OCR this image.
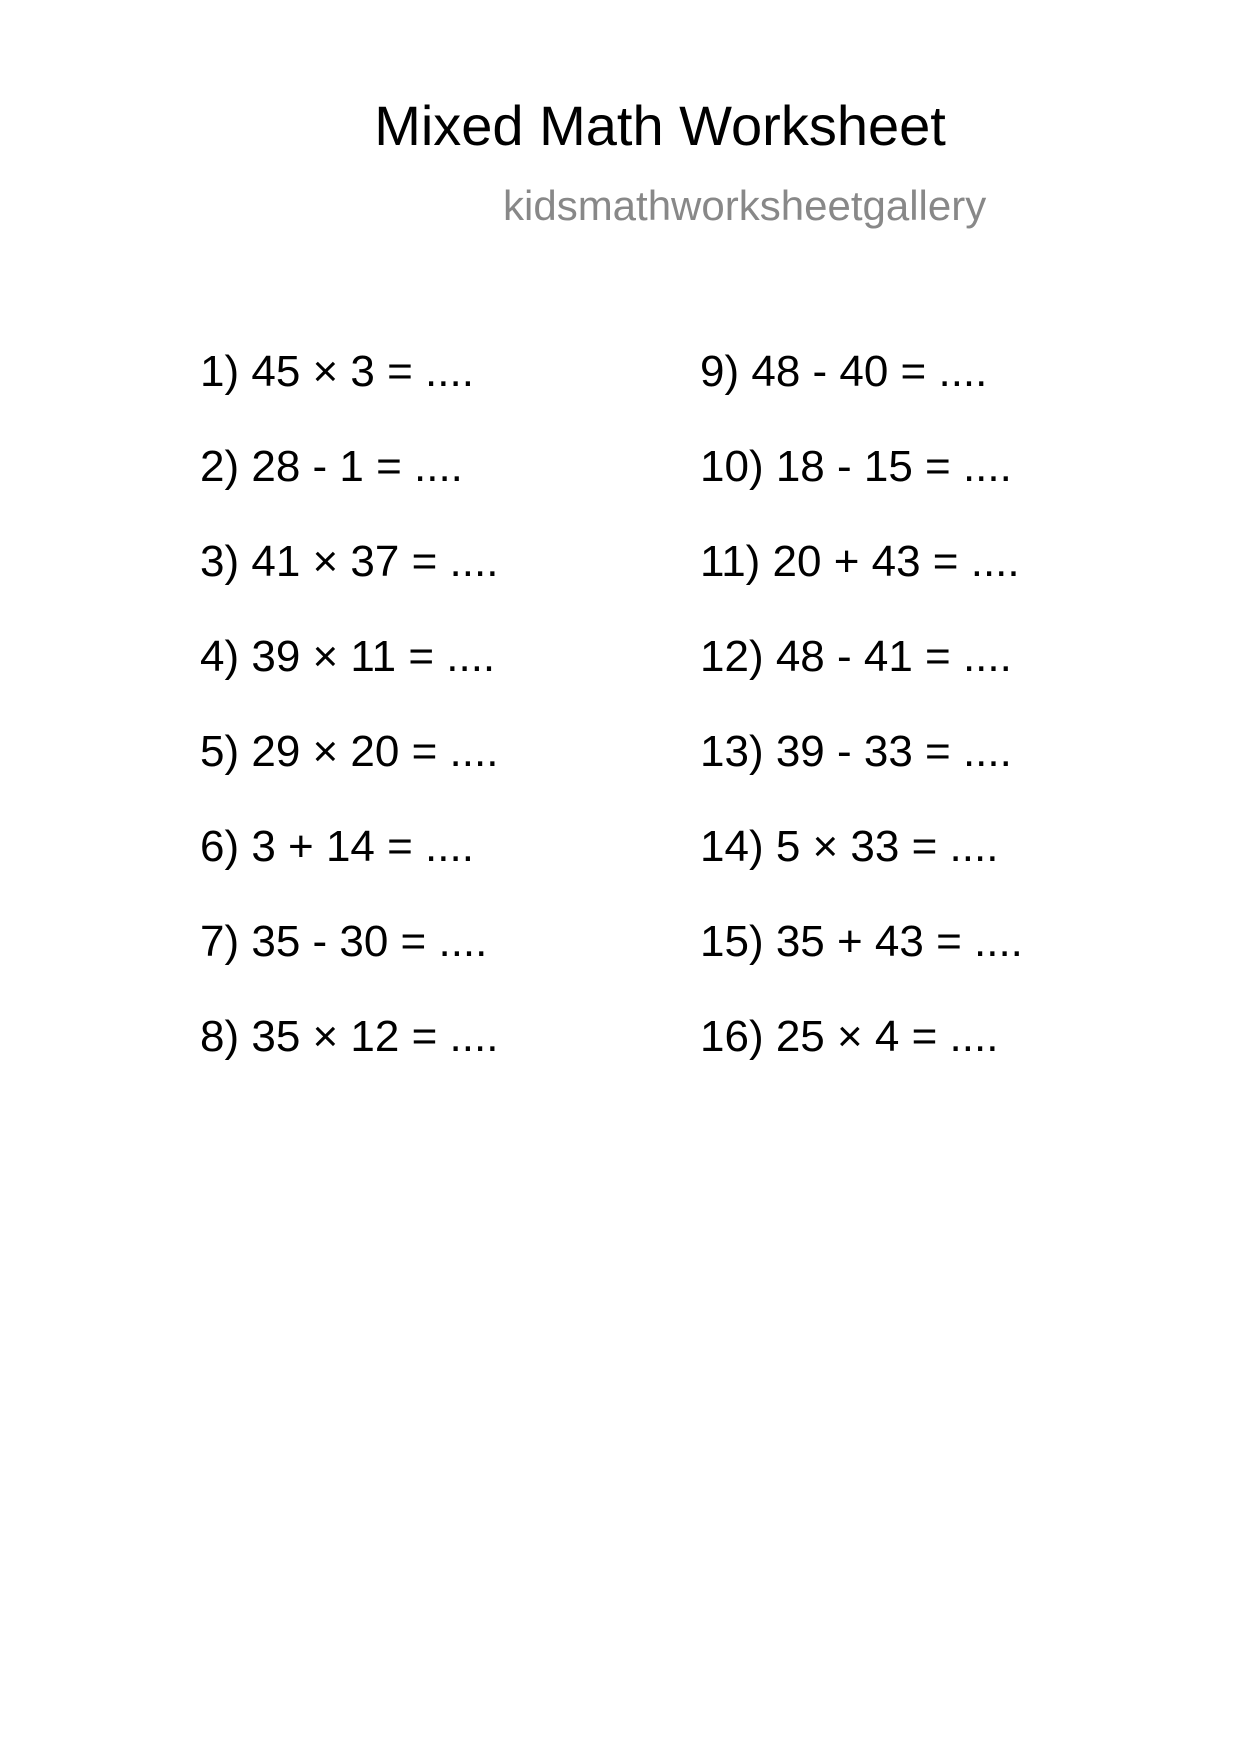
Mixed Math Worksheet
kidsmathworksheetgallery
1) 45 × 3 = ....
2) 28 - 1 = ....
3) 41 × 37 = ....
4) 39 × 11 = ....
5) 29 × 20 = ....
6) 3 + 14 = ....
7) 35 - 30 = ....
8) 35 × 12 = ....
9) 48 - 40 = ....
10) 18 - 15 = ....
11) 20 + 43 = ....
12) 48 - 41 = ....
13) 39 - 33 = ....
14) 5 × 33 = ....
15) 35 + 43 = ....
16) 25 × 4 = ....
